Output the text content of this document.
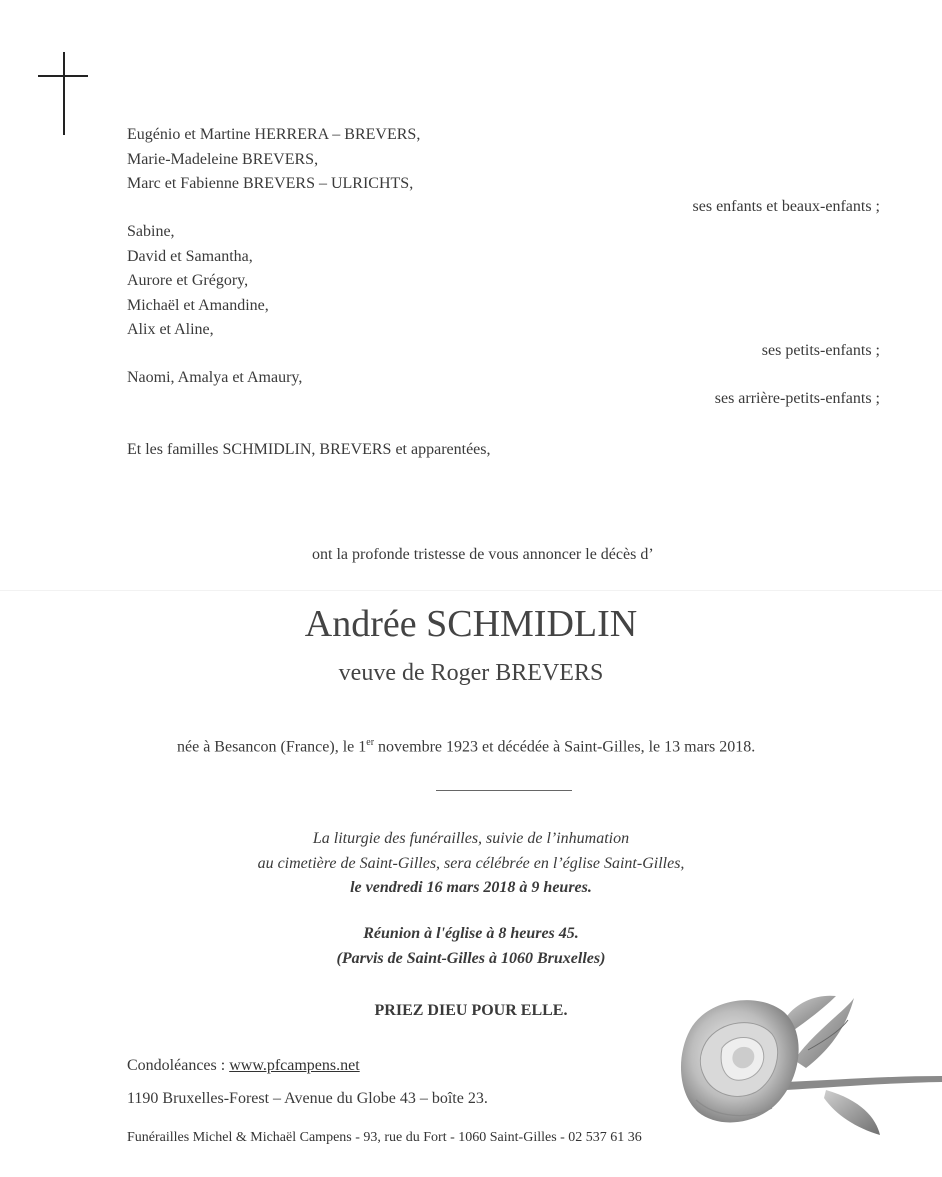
Eugénio et Martine HERRERA – BREVERS,
Marie-Madeleine BREVERS,
Marc et Fabienne BREVERS – ULRICHTS,
ses enfants et beaux-enfants ;
Sabine,
David et Samantha,
Aurore et Grégory,
Michaël et Amandine,
Alix et Aline,
ses petits-enfants ;
Naomi, Amalya et Amaury,
ses arrière-petits-enfants ;
Et les familles SCHMIDLIN, BREVERS et apparentées,
ont la profonde tristesse de vous annoncer le décès d’
Andrée SCHMIDLIN
veuve de Roger BREVERS
née à Besancon (France), le 1er novembre 1923 et décédée à Saint-Gilles, le 13 mars 2018.
La liturgie des funérailles, suivie de l’inhumation
au cimetière de Saint-Gilles, sera célébrée en l’église Saint-Gilles,
le vendredi 16 mars 2018 à 9 heures.
Réunion à l'église à 8 heures 45.
(Parvis de Saint-Gilles à 1060 Bruxelles)
PRIEZ DIEU POUR ELLE.
Condoléances : www.pfcampens.net
1190 Bruxelles-Forest – Avenue du Globe 43 – boîte 23.
Funérailles Michel & Michaël Campens - 93, rue du Fort - 1060 Saint-Gilles - 02 537 61 36
